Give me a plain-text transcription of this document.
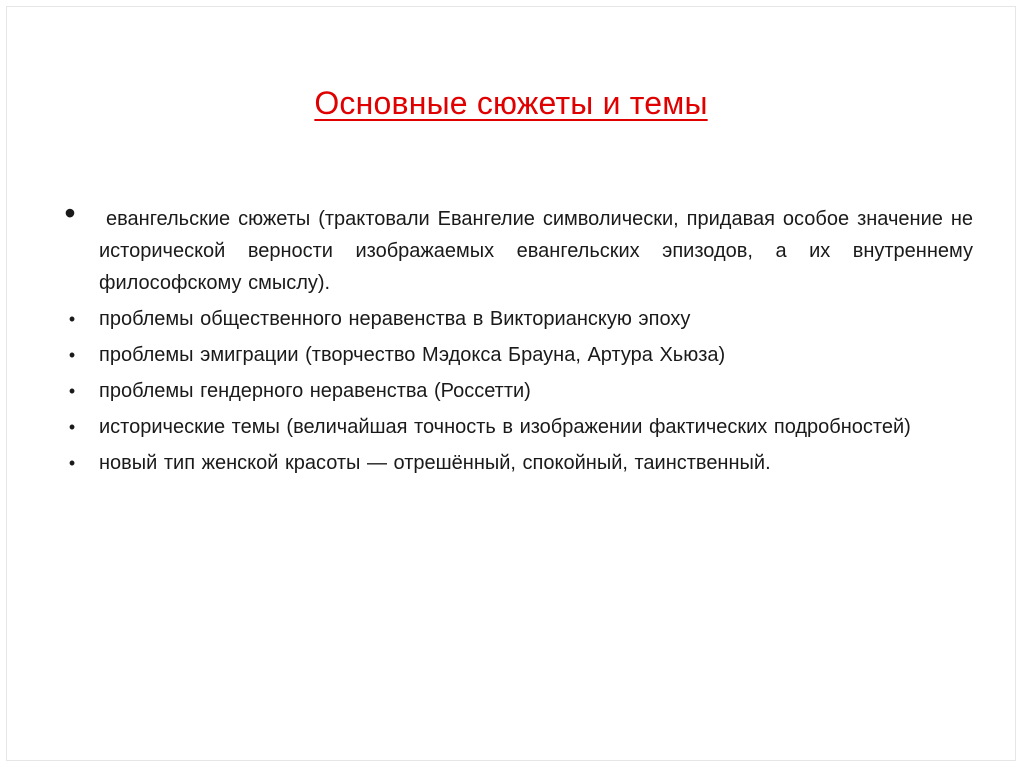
Основные сюжеты и темы
•	евангельские сюжеты (трактовали Евангелие символически, придавая особое значение не исторической верности изображаемых евангельских эпизодов, а их внутреннему философскому смыслу).
• проблемы общественного неравенства в Викторианскую эпоху
• проблемы эмиграции (творчество Мэдокса Брауна, Артура Хьюза)
• проблемы гендерного неравенства (Россетти)
• исторические темы (величайшая точность в изображении фактических подробностей)
• новый тип женской красоты — отрешённый, спокойный, таинственный.
